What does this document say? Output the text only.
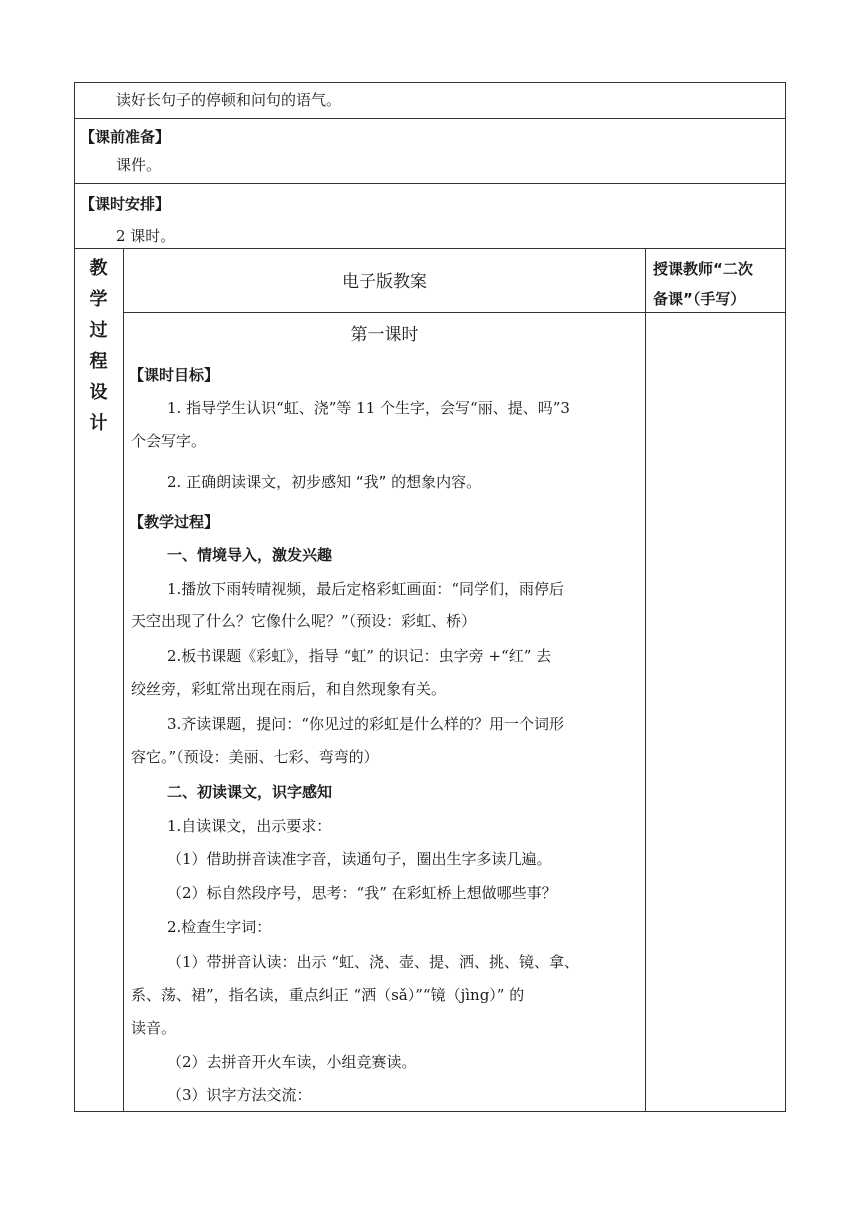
读好长句子的停顿和问句的语气。
【课前准备】
课件。
【课时安排】
2 课时。
教
学
过
程
设
计
电子版教案
授课教师“二次
备课”（手写）
第一课时
【课时目标】
1. 指导学生认识“虹、浇”等 11 个生字，会写“丽、提、吗”3
个会写字。
2. 正确朗读课文，初步感知 “我” 的想象内容。
【教学过程】
一、情境导入，激发兴趣
1.播放下雨转晴视频，最后定格彩虹画面：“同学们，雨停后
天空出现了什么？它像什么呢？”（预设：彩虹、桥）
2.板书课题《彩虹》，指导 “虹” 的识记：虫字旁 +“红” 去
绞丝旁，彩虹常出现在雨后，和自然现象有关。
3.齐读课题，提问：“你见过的彩虹是什么样的？用一个词形
容它。”（预设：美丽、七彩、弯弯的）
二、初读课文，识字感知
1.自读课文，出示要求：
（1）借助拼音读准字音，读通句子，圈出生字多读几遍。
（2）标自然段序号，思考：“我” 在彩虹桥上想做哪些事？
2.检查生字词：
（1）带拼音认读：出示 “虹、浇、壶、提、洒、挑、镜、拿、
系、荡、裙”，指名读，重点纠正 “洒（sǎ）”“镜（jìng）” 的
读音。
（2）去拼音开火车读，小组竞赛读。
（3）识字方法交流：
